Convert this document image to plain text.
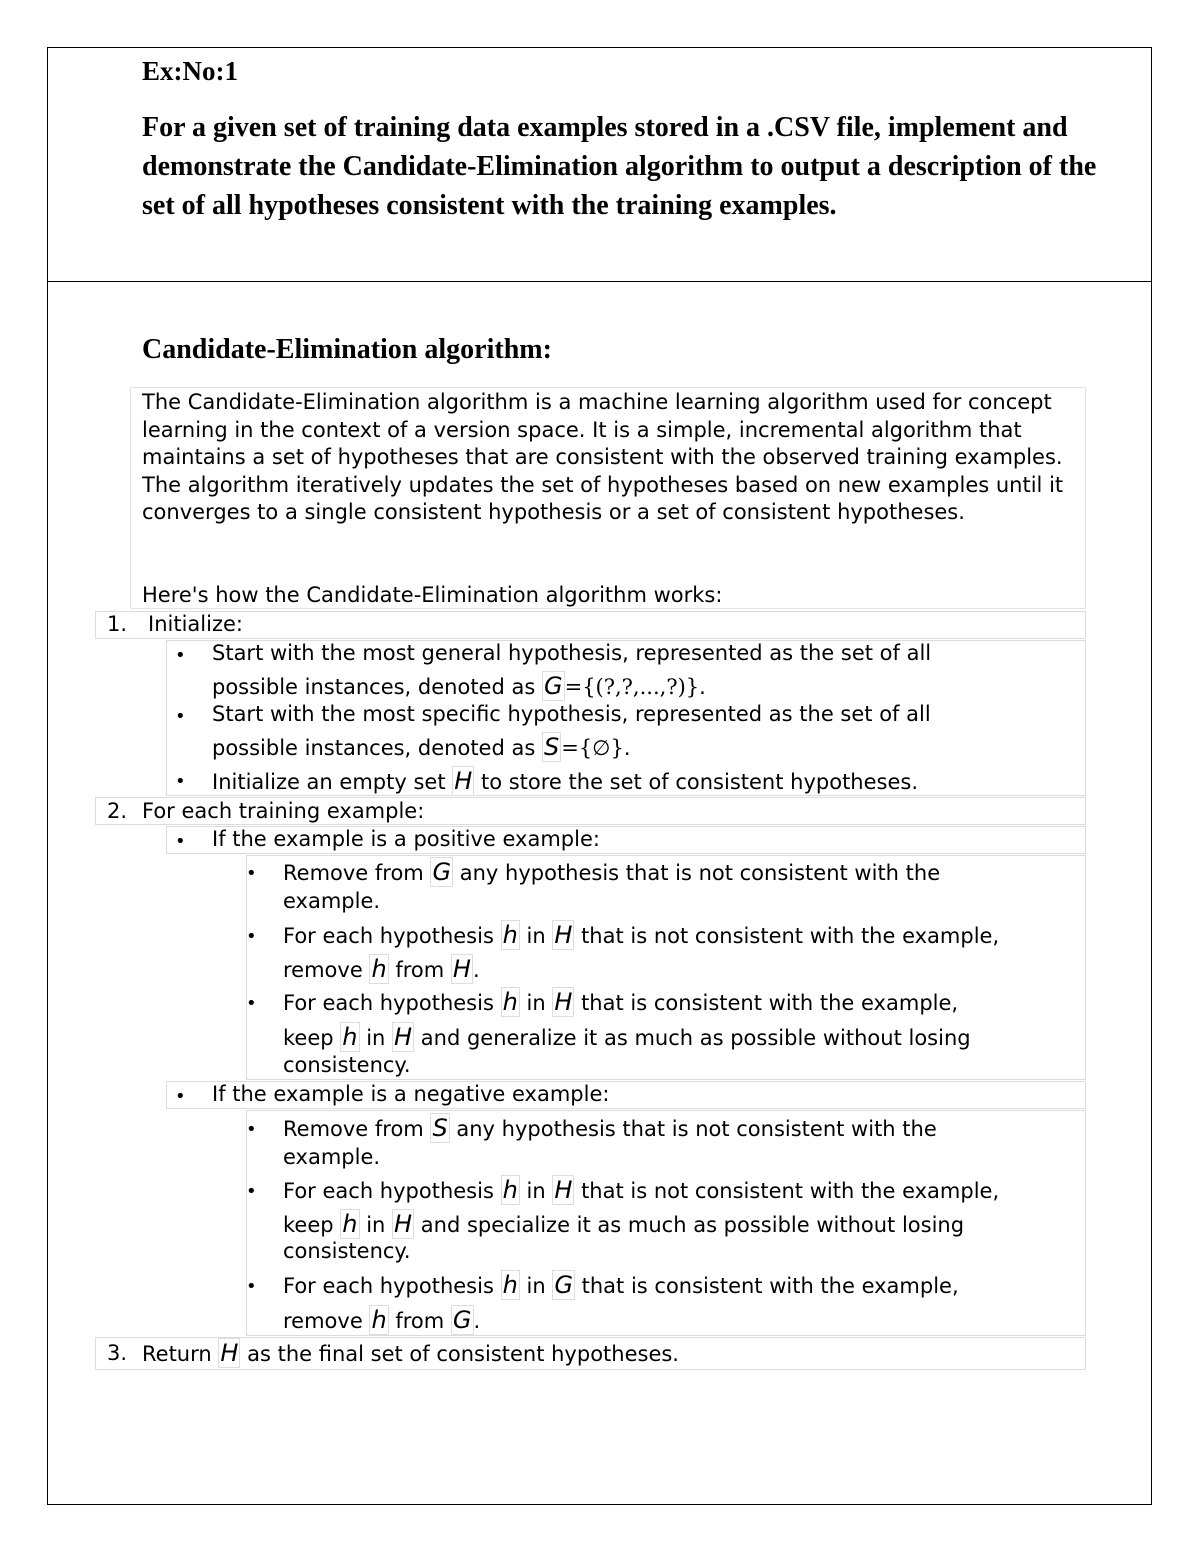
Ex:No:1
For a given set of training data examples stored in a .CSV file, implement and demonstrate the Candidate-Elimination algorithm to output a description of the set of all hypotheses consistent with the training examples.
Candidate-Elimination algorithm:
The Candidate-Elimination algorithm is a machine learning algorithm used for concept learning in the context of a version space. It is a simple, incremental algorithm that maintains a set of hypotheses that are consistent with the observed training examples. The algorithm iteratively updates the set of hypotheses based on new examples until it converges to a single consistent hypothesis or a set of consistent hypotheses.
Here's how the Candidate-Elimination algorithm works:
1. Initialize:
• Start with the most general hypothesis, represented as the set of all
possible instances, denoted as G={(?,?,...,?)}.
• Start with the most specific hypothesis, represented as the set of all
possible instances, denoted as S={∅}.
• Initialize an empty set H to store the set of consistent hypotheses.
2. For each training example:
• If the example is a positive example:
• Remove from G any hypothesis that is not consistent with the
example.
• For each hypothesis h in H that is not consistent with the example,
remove h from H.
• For each hypothesis h in H that is consistent with the example,
keep h in H and generalize it as much as possible without losing
consistency.
• If the example is a negative example:
• Remove from S any hypothesis that is not consistent with the
example.
• For each hypothesis h in H that is not consistent with the example,
keep h in H and specialize it as much as possible without losing
consistency.
• For each hypothesis h in G that is consistent with the example,
remove h from G.
3. Return H as the final set of consistent hypotheses.
